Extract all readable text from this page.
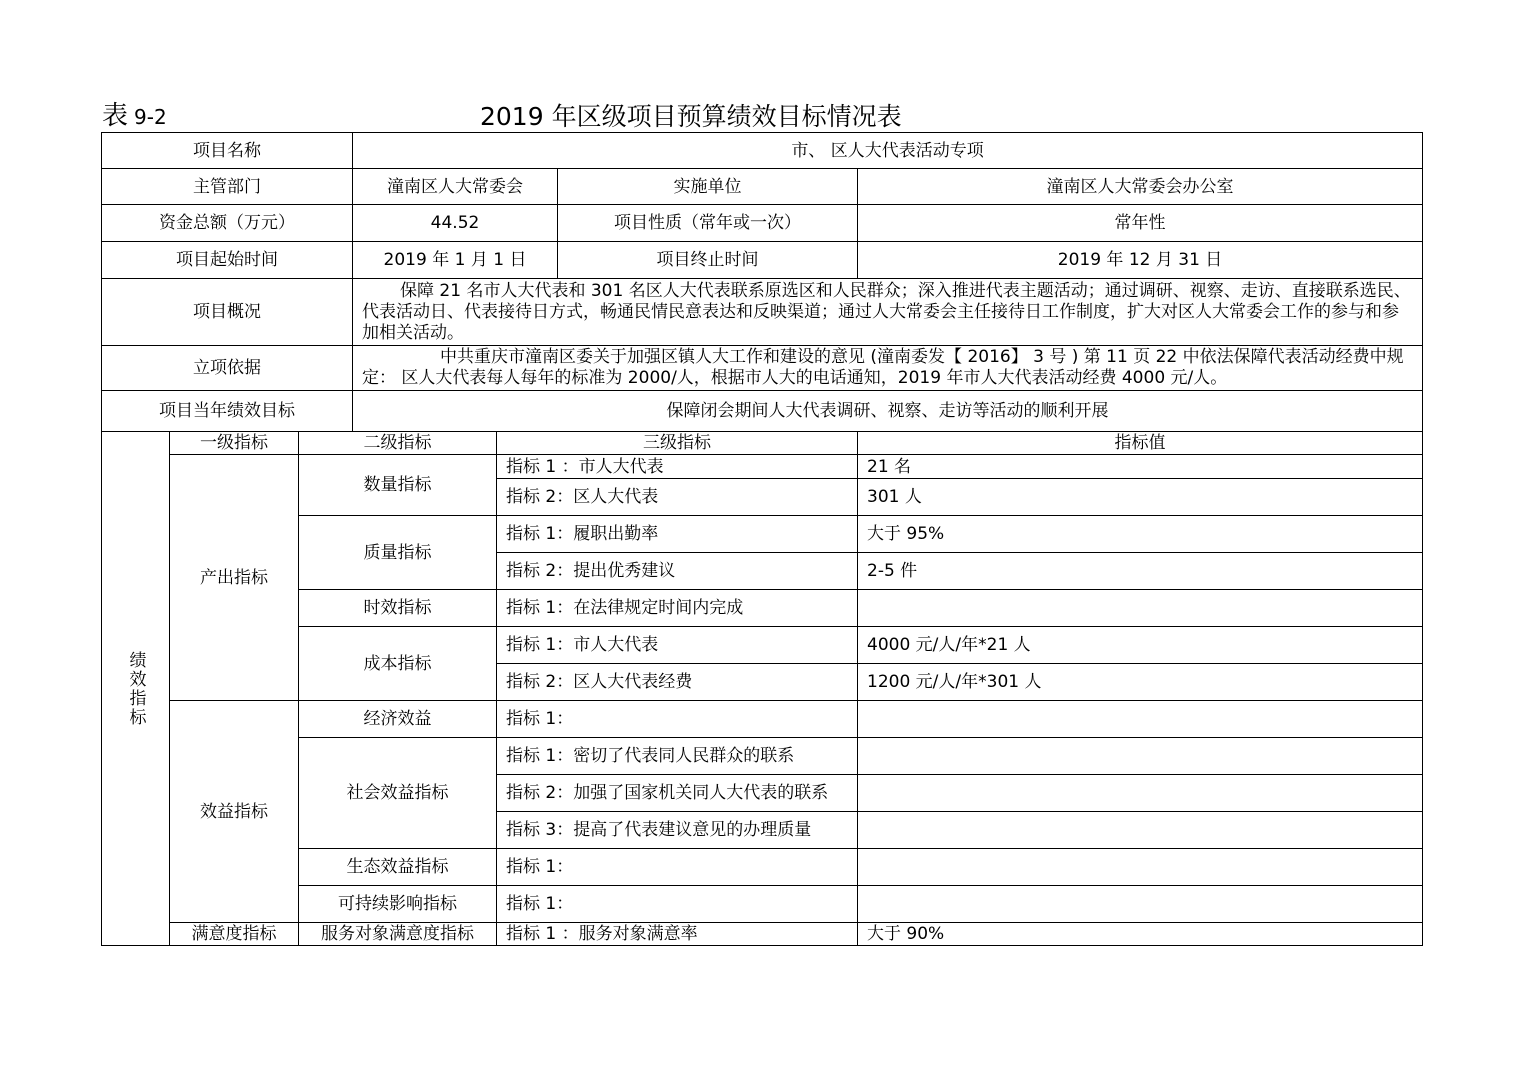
表 9-2	2019 年区级项目预算绩效目标情况表
项目名称			市、 区人大代表活动专项			
主管部门			潼南区人大常委会		实施单位	潼南区人大常委会办公室
资金总额（万元）			44.52		项目性质（常年或一次）	常年性
项目起始时间			2019 年 1 月 1 日		项目终止时间	2019 年 12 月 31 日
项目概况			保障 21 名市人大代表和 301 名区人大代表联系原选区和人民群众；深入推进代表主题活动；通过调研、视察、走访、直接联系选民、代表活动日、代表接待日方式，畅通民情民意表达和反映渠道；通过人大常委会主任接待日工作制度，扩大对区人大常委会工作的参与和参加相关活动。			
立项依据			中共重庆市潼南区委关于加强区镇人大工作和建设的意见 (潼南委发【 2016】 3 号 ) 第 11 页 22 中依法保障代表活动经费中规定： 区人大代表每人每年的标准为 2000/人，根据市人大的电话通知，2019 年市人大代表活动经费 4000 元/人。			
项目当年绩效目标			保障闭会期间人大代表调研、视察、走访等活动的顺利开展			
绩效指标	一级指标	二级指标		三级指标		指标值
	产出指标	数量指标		指标 1 ：市人大代表		21 名
				指标 2：区人大代表		301 人
		质量指标		指标 1：履职出勤率		大于 95%
				指标 2：提出优秀建议		2-5 件
		时效指标		指标 1：在法律规定时间内完成		
		成本指标		指标 1：市人大代表		4000 元/人/年*21 人
				指标 2：区人大代表经费		1200 元/人/年*301 人
	效益指标	经济效益		指标 1：		
		社会效益指标		指标 1：密切了代表同人民群众的联系		
				指标 2：加强了国家机关同人大代表的联系		
				指标 3：提高了代表建议意见的办理质量		
		生态效益指标		指标 1：		
		可持续影响指标		指标 1：		
	满意度指标	服务对象满意度指标		指标 1 ：服务对象满意率		大于 90%
